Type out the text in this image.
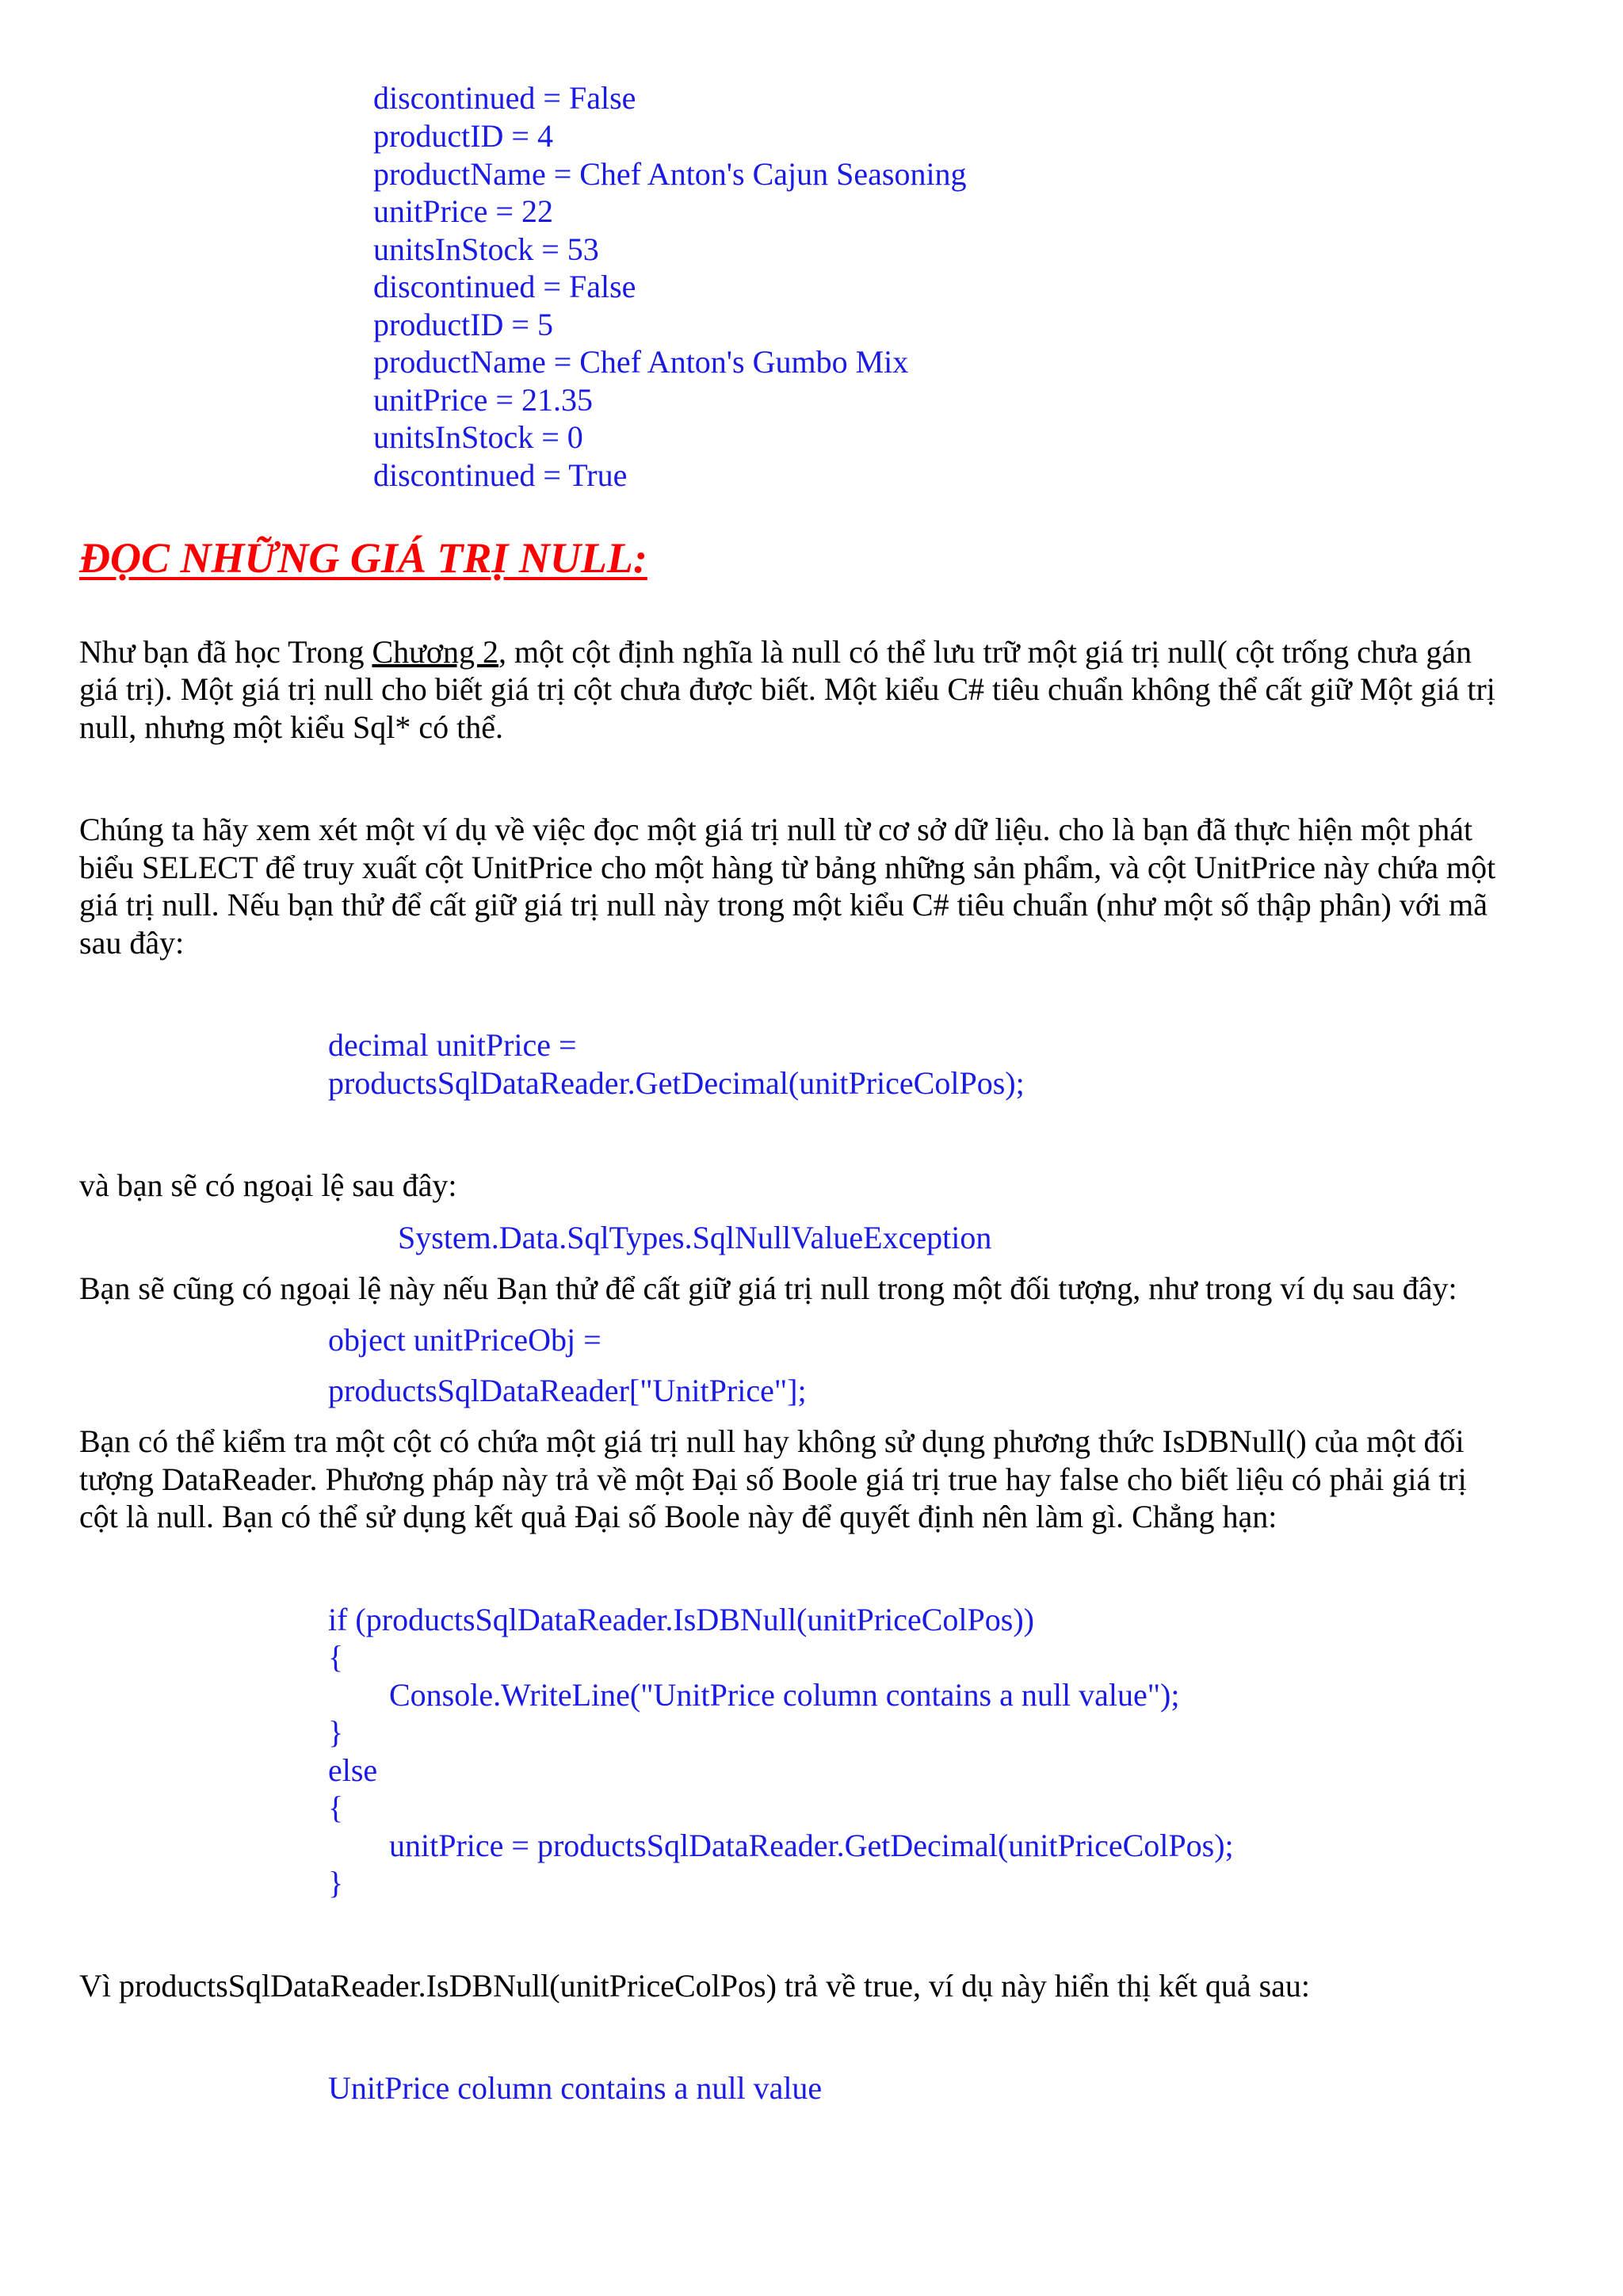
discontinued = False
productID = 4
productName = Chef Anton's Cajun Seasoning
unitPrice = 22
unitsInStock = 53
discontinued = False
productID = 5
productName = Chef Anton's Gumbo Mix
unitPrice = 21.35
unitsInStock = 0
discontinued = True
ĐỌC NHỮNG GIÁ TRỊ NULL:
Như bạn đã học Trong Chương 2, một cột định nghĩa là null có thể lưu trữ một giá trị null( cột trống chưa gán
giá trị). Một giá trị null cho biết giá trị cột chưa được biết. Một kiểu C# tiêu chuẩn không thể cất giữ Một giá trị
null, nhưng một kiểu Sql* có thể.
Chúng ta hãy xem xét một ví dụ về việc đọc một giá trị null từ cơ sở dữ liệu. cho là bạn đã thực hiện một phát
biểu SELECT để truy xuất cột UnitPrice cho một hàng từ bảng những sản phẩm, và cột UnitPrice này chứa một
giá trị null. Nếu bạn thử để cất giữ giá trị null này trong một kiểu C# tiêu chuẩn (như một số thập phân) với mã
sau đây:
decimal unitPrice =
productsSqlDataReader.GetDecimal(unitPriceColPos);
và bạn sẽ có ngoại lệ sau đây:
System.Data.SqlTypes.SqlNullValueException
Bạn sẽ cũng có ngoại lệ này nếu Bạn thử để cất giữ giá trị null trong một đối tượng, như trong ví dụ sau đây:
object unitPriceObj =
productsSqlDataReader["UnitPrice"];
Bạn có thể kiểm tra một cột có chứa một giá trị null hay không sử dụng phương thức IsDBNull() của một đối
tượng DataReader. Phương pháp này trả về một Đại số Boole giá trị true hay false cho biết liệu có phải giá trị
cột là null. Bạn có thể sử dụng kết quả Đại số Boole này để quyết định nên làm gì. Chẳng hạn:
if (productsSqlDataReader.IsDBNull(unitPriceColPos))
{
Console.WriteLine("UnitPrice column contains a null value");
}
else
{
unitPrice = productsSqlDataReader.GetDecimal(unitPriceColPos);
}
Vì productsSqlDataReader.IsDBNull(unitPriceColPos) trả về true, ví dụ này hiển thị kết quả sau:
UnitPrice column contains a null value
